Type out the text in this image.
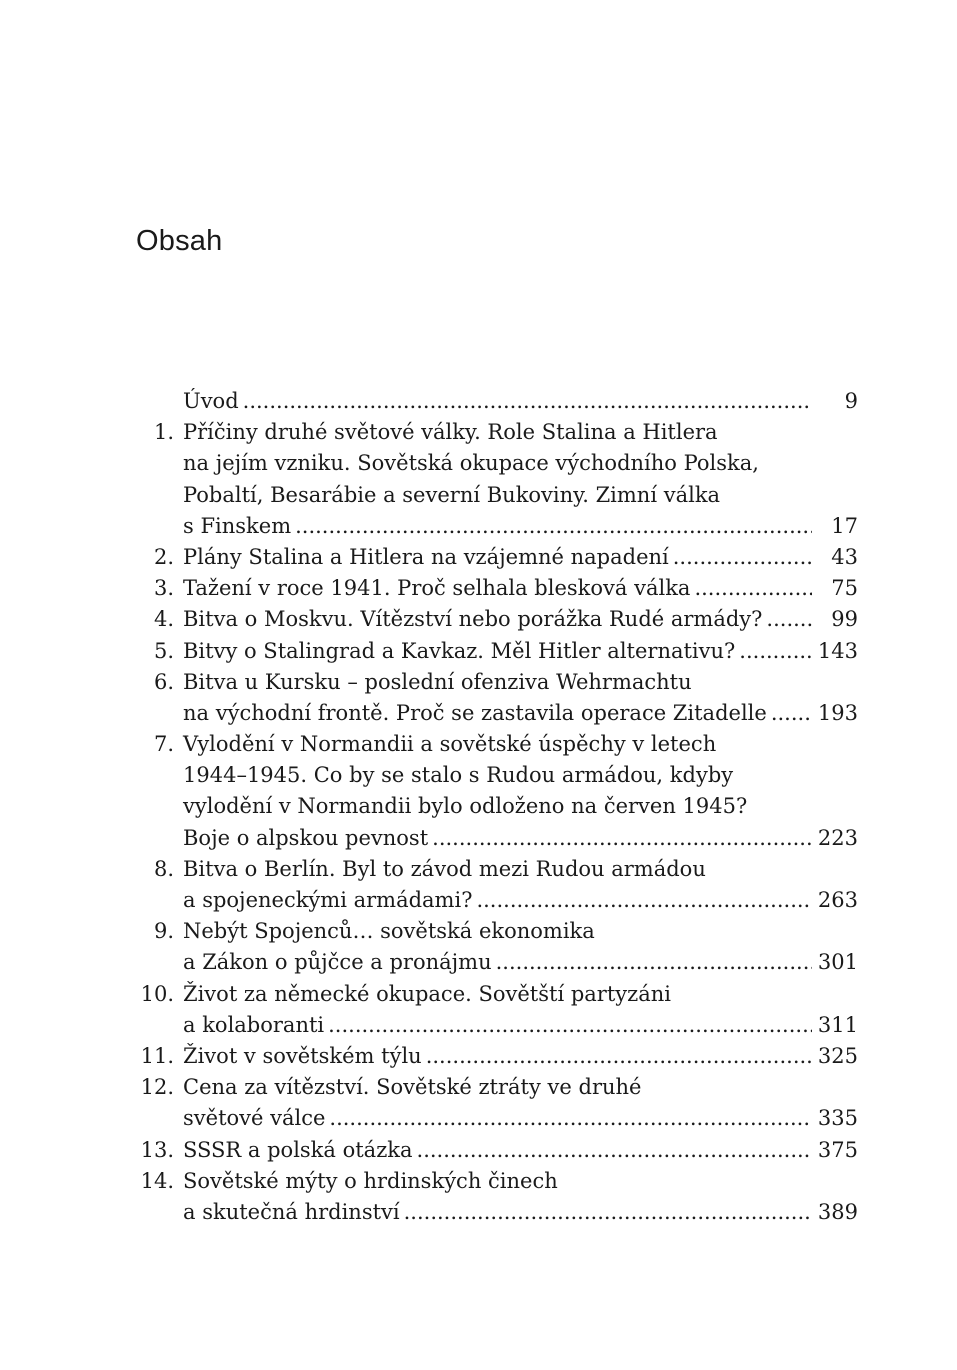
Obsah
Úvod .....	9
1. Příčiny druhé světové války. Role Stalina a Hitlera
na jejím vzniku. Sovětská okupace východního Polska,
Pobaltí, Besarábie a severní Bukoviny. Zimní válka
s Finskem .....	17
2. Plány Stalina a Hitlera na vzájemné napadení .....	43
3. Tažení v roce 1941. Proč selhala blesková válka .....	75
4. Bitva o Moskvu. Vítězství nebo porážka Rudé armády? .....	99
5. Bitvy o Stalingrad a Kavkaz. Měl Hitler alternativu? .....	143
6. Bitva u Kursku – poslední ofenziva Wehrmachtu
na východní frontě. Proč se zastavila operace Zitadelle ..... 193
7. Vylodění v Normandii a sovětské úspěchy v letech
1944–1945. Co by se stalo s Rudou armádou, kdyby
vylodění v Normandii bylo odloženo na červen 1945?
Boje o alpskou pevnost .....	223
8. Bitva o Berlín. Byl to závod mezi Rudou armádou
a spojeneckými armádami? .....	263
9. Nebýt Spojenců… sovětská ekonomika
a Zákon o půjčce a pronájmu .....	301
10. Život za německé okupace. Sovětští partyzáni
a kolaboranti .....	311
11. Život v sovětském týlu .....	325
12. Cena za vítězství. Sovětské ztráty ve druhé
světové válce .....	335
13. SSSR a polská otázka .....	375
14. Sovětské mýty o hrdinských činech
a skutečná hrdinství .....	389
